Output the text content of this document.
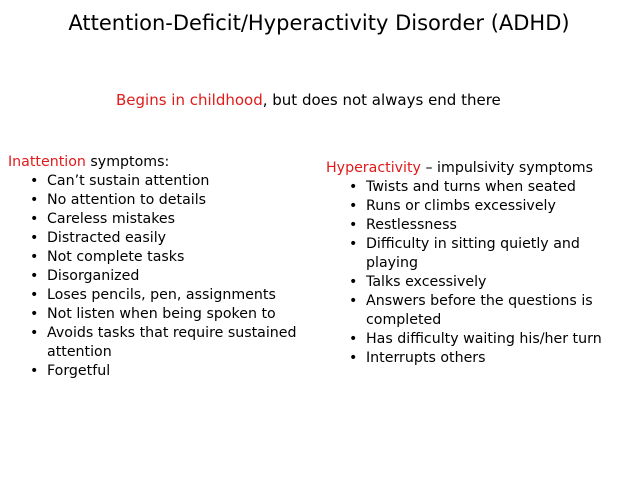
Attention-Deficit/Hyperactivity Disorder (ADHD)
Begins in childhood, but does not always end there
Inattention symptoms:
• Can’t sustain attention
• No attention to details
• Careless mistakes
• Distracted easily
• Not complete tasks
• Disorganized
• Loses pencils, pen, assignments
• Not listen when being spoken to
• Avoids tasks that require sustained attention
• Forgetful
Hyperactivity – impulsivity symptoms
• Twists and turns when seated
• Runs or climbs excessively
• Restlessness
• Difficulty in sitting quietly and playing
• Talks excessively
• Answers before the questions is completed
• Has difficulty waiting his/her turn
• Interrupts others
